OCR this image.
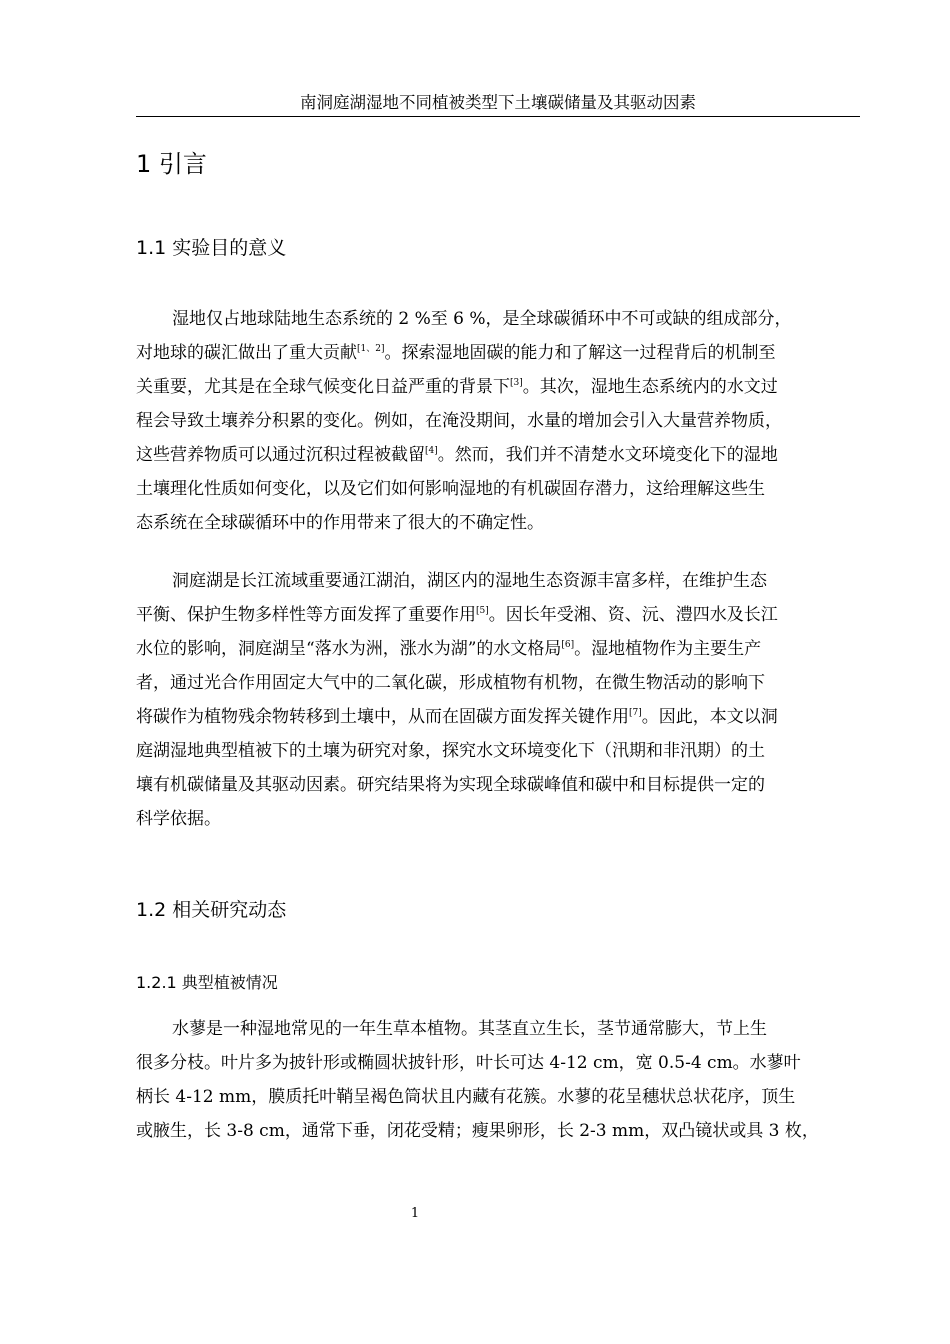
南洞庭湖湿地不同植被类型下土壤碳储量及其驱动因素
1 引言
1.1 实验目的意义
湿地仅占地球陆地生态系统的 2 %至 6 %，是全球碳循环中不可或缺的组成部分，
对地球的碳汇做出了重大贡献[1、2]。探索湿地固碳的能力和了解这一过程背后的机制至
关重要，尤其是在全球气候变化日益严重的背景下[3]。其次，湿地生态系统内的水文过
程会导致土壤养分积累的变化。例如，在淹没期间，水量的增加会引入大量营养物质，
这些营养物质可以通过沉积过程被截留[4]。然而，我们并不清楚水文环境变化下的湿地
土壤理化性质如何变化，以及它们如何影响湿地的有机碳固存潜力，这给理解这些生
态系统在全球碳循环中的作用带来了很大的不确定性。
洞庭湖是长江流域重要通江湖泊，湖区内的湿地生态资源丰富多样，在维护生态
平衡、保护生物多样性等方面发挥了重要作用[5]。因长年受湘、资、沅、澧四水及长江
水位的影响，洞庭湖呈“落水为洲，涨水为湖”的水文格局[6]。湿地植物作为主要生产
者，通过光合作用固定大气中的二氧化碳，形成植物有机物，在微生物活动的影响下
将碳作为植物残余物转移到土壤中，从而在固碳方面发挥关键作用[7]。因此，本文以洞
庭湖湿地典型植被下的土壤为研究对象，探究水文环境变化下（汛期和非汛期）的土
壤有机碳储量及其驱动因素。研究结果将为实现全球碳峰值和碳中和目标提供一定的
科学依据。
1.2 相关研究动态
1.2.1 典型植被情况
水蓼是一种湿地常见的一年生草本植物。其茎直立生长，茎节通常膨大，节上生
很多分枝。叶片多为披针形或椭圆状披针形，叶长可达 4-12 cm，宽 0.5-4 cm。水蓼叶
柄长 4-12 mm，膜质托叶鞘呈褐色筒状且内藏有花簇。水蓼的花呈穗状总状花序，顶生
或腋生，长 3-8 cm，通常下垂，闭花受精；瘦果卵形，长 2-3 mm，双凸镜状或具 3 枚，
1
